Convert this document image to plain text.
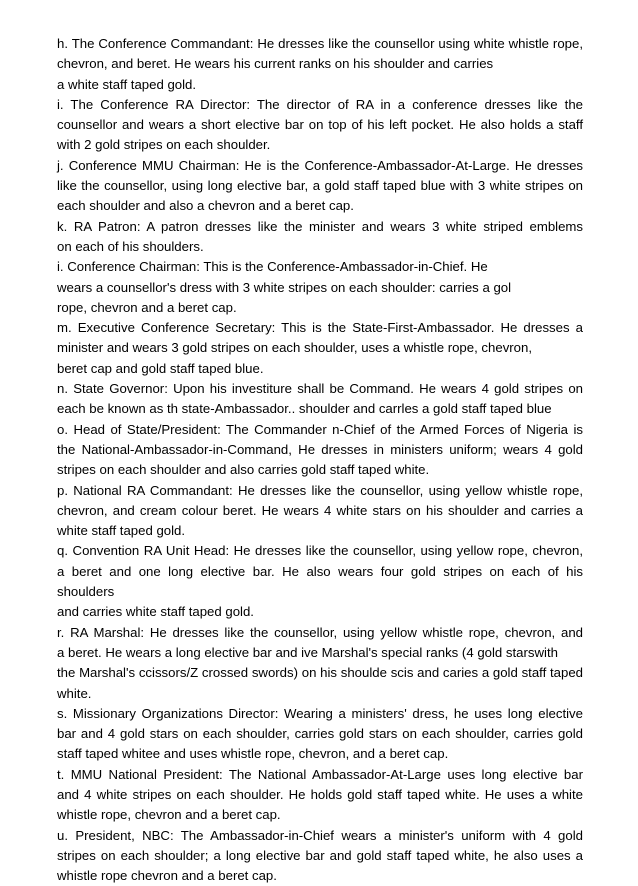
h. The Conference Commandant: He dresses like the counsellor using white whistle rope,
chevron, and beret. He wears his current ranks on his shoulder and carries
a white staff taped gold.
i. The Conference RA Director: The director of RA in a conference dresses like the
counsellor and wears a short elective bar on top of his left pocket. He also holds a staff
with 2 gold stripes on each shoulder.
j. Conference MMU Chairman: He is the Conference-Ambassador-At-Large. He dresses
like the counsellor, using long elective bar, a gold staff taped blue with 3 white stripes on
each shoulder and also a chevron and a beret cap.
k. RA Patron: A patron dresses like the minister and wears 3 white striped emblems
on each of his shoulders.
i. Conference Chairman: This is the Conference-Ambassador-in-Chief. He
wears a counsellor's dress with 3 white stripes on each shoulder: carries a gol
rope, chevron and a beret cap.
m. Executive Conference Secretary: This is the State-First-Ambassador. He dresses a
minister and wears 3 gold stripes on each shoulder, uses a whistle rope, chevron,
beret cap and gold staff taped blue.
n. State Governor: Upon his investiture shall be Command. He wears 4 gold stripes on
each be known as th state-Ambassador.. shoulder and carrles a gold staff taped blue
o. Head of State/President: The Commander n-Chief of the Armed Forces of Nigeria is
the National-Ambassador-in-Command, He dresses in ministers uniform; wears 4 gold
stripes on each shoulder and also carries gold staff taped white.
p. National RA Commandant: He dresses like the counsellor, using yellow whistle rope,
chevron, and cream colour beret. He wears 4 white stars on his shoulder and carries a
white staff taped gold.
q. Convention RA Unit Head: He dresses like the counsellor, using yellow rope, chevron,
a beret and one long elective bar. He also wears four gold stripes on each of his shoulders
and carries white staff taped gold.
r. RA Marshal: He dresses like the counsellor, using yellow whistle rope, chevron, and
a beret. He wears a long elective bar and ive Marshal's special ranks (4 gold starswith
the Marshal's ccissors/Z crossed swords) on his shoulde scis and caries a gold staff taped
white.
s. Missionary Organizations Director: Wearing a ministers' dress, he uses long elective
bar and 4 gold stars on each shoulder, carries gold stars on each shoulder, carries gold
staff taped whitee and uses whistle rope, chevron, and a beret cap.
t. MMU National President: The National Ambassador-At-Large uses long elective bar
and 4 white stripes on each shoulder. He holds gold staff taped white. He uses a white
whistle rope, chevron and a beret cap.
u. President, NBC: The Ambassador-in-Chief wears a minister's uniform with 4 gold
stripes on each shoulder; a long elective bar and gold staff taped white, he also uses a
whistle rope chevron and a beret cap.
